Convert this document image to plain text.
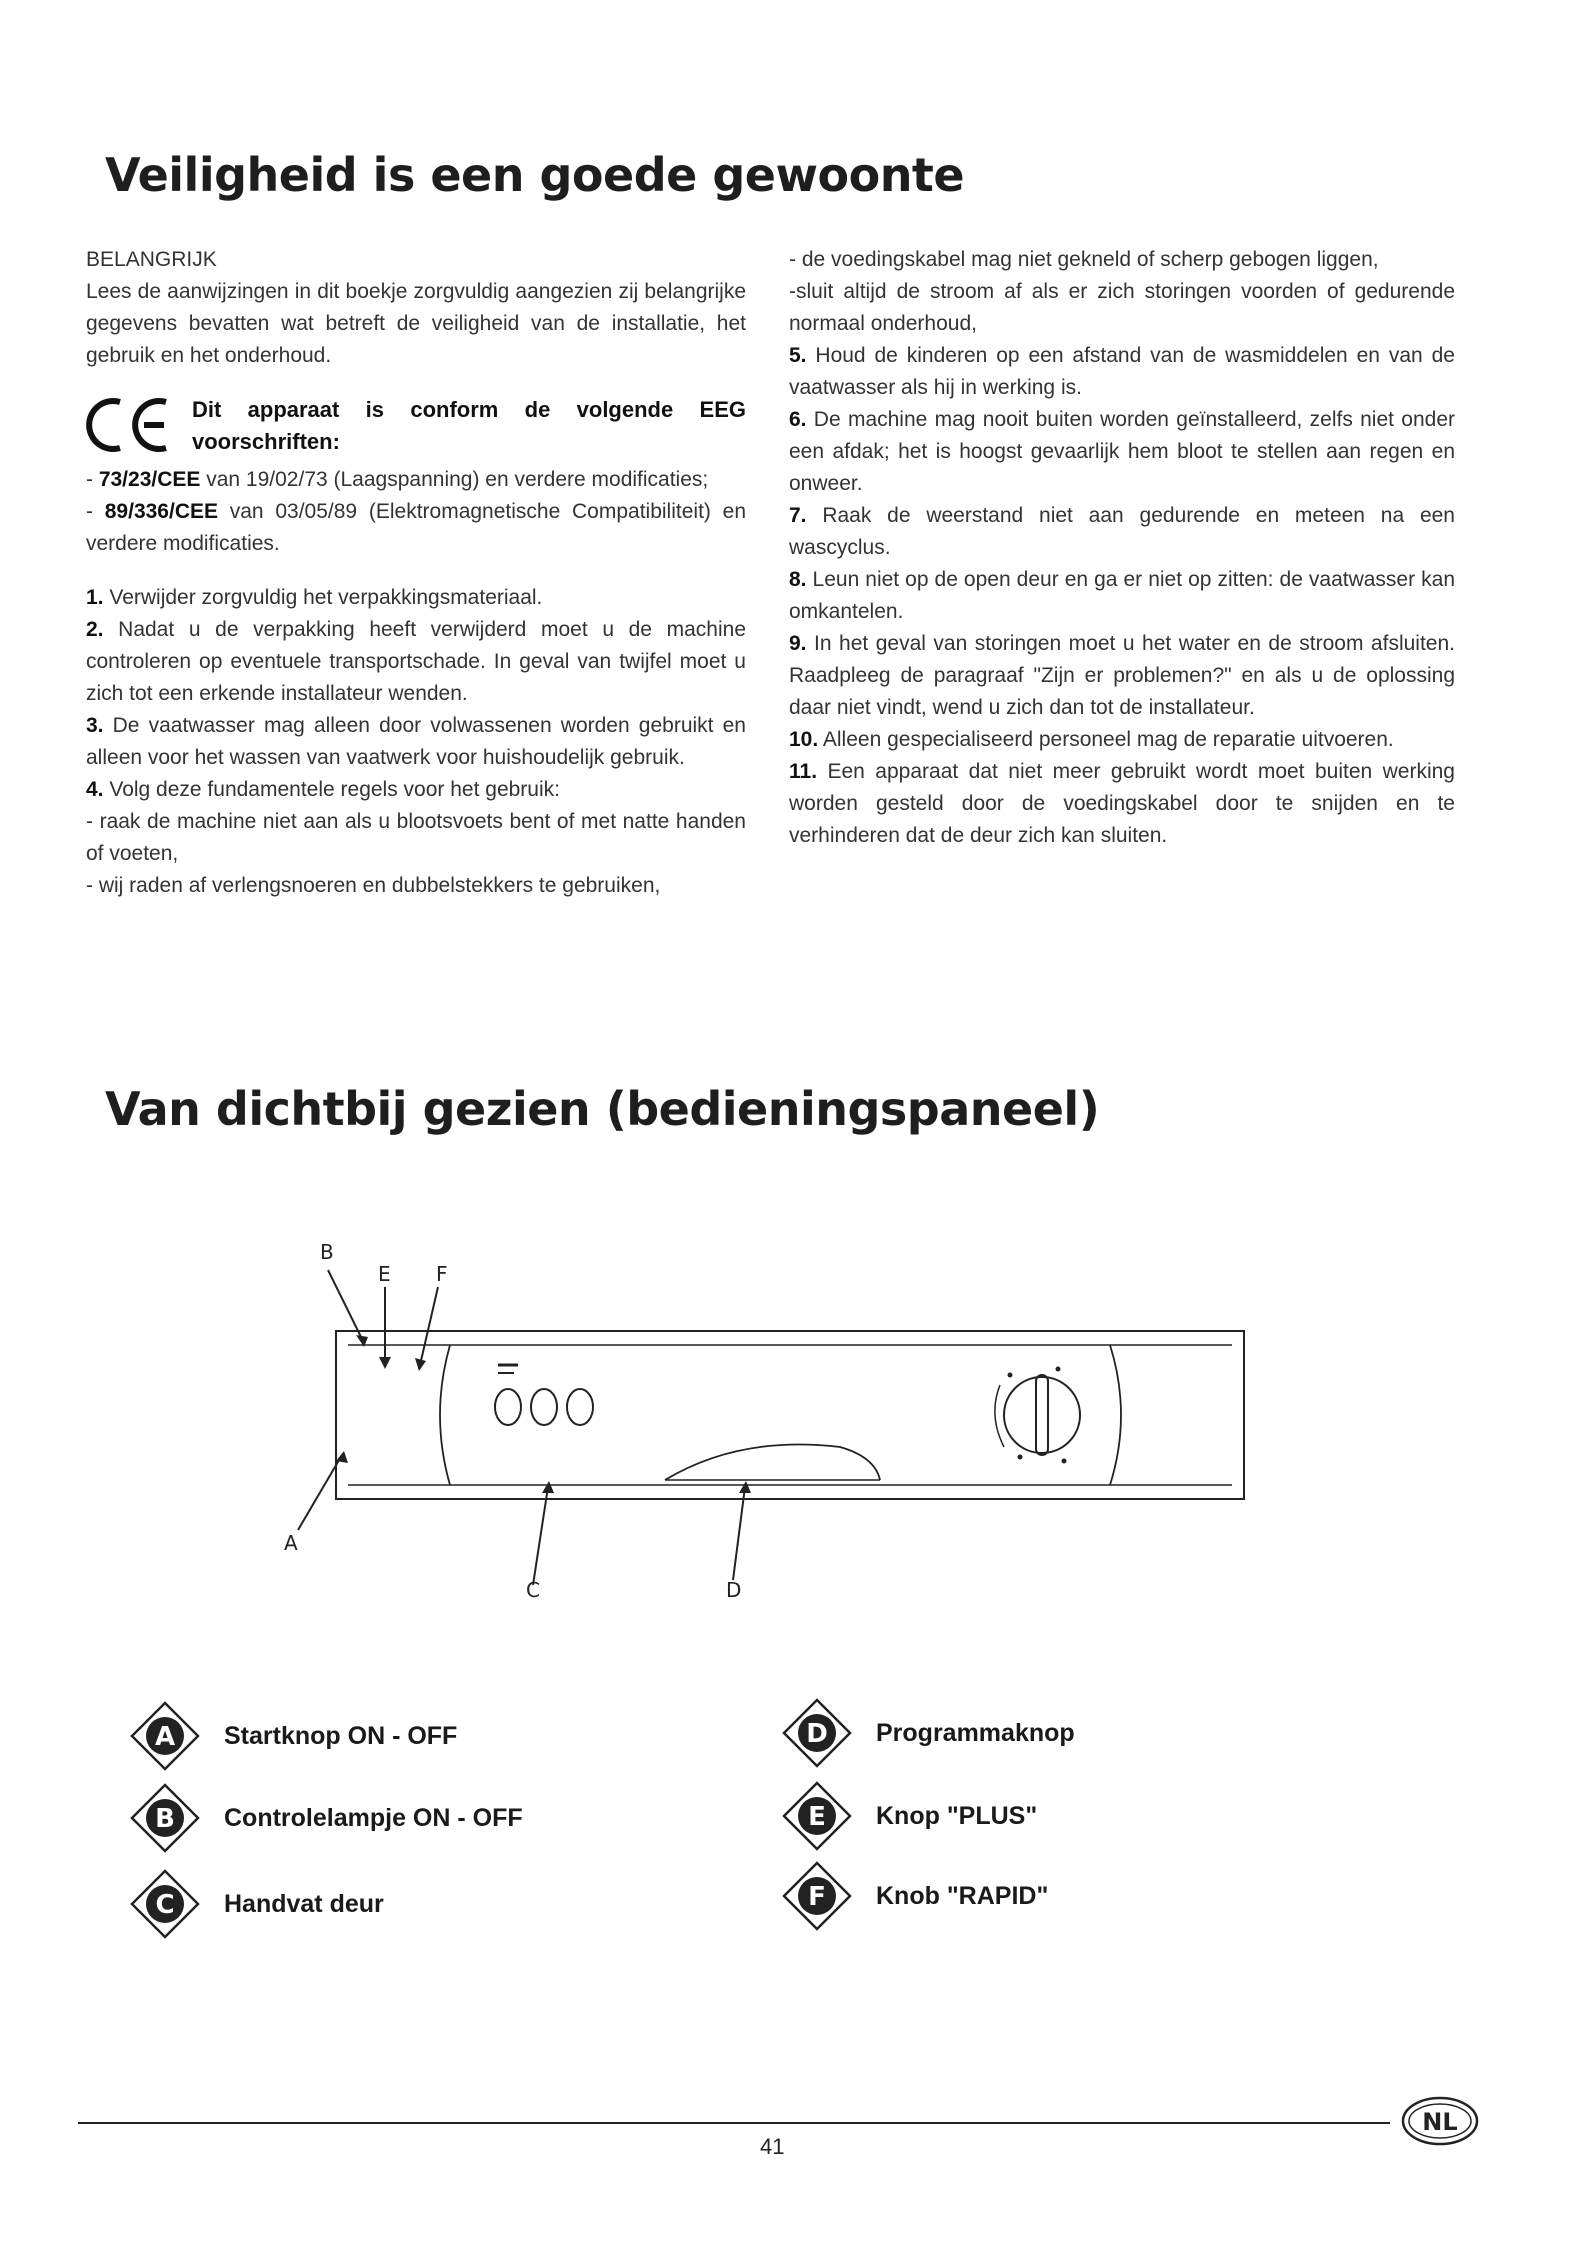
Veiligheid is een goede gewoonte

BELANGRIJK

Lees de aanwijzingen in dit boekje zorgvuldig aangezien zij belangrijke gegevens bevatten wat betreft de veiligheid van de installatie, het gebruik en het onderhoud.

Dit apparaat is conform de volgende EEG voorschriften:

- 73/23/CEE van 19/02/73 (Laagspanning) en verdere modificaties;

- 89/336/CEE van 03/05/89 (Elektromagnetische Compatibiliteit) en verdere modificaties.

1. Verwijder zorgvuldig het verpakkingsmateriaal.

2. Nadat u de verpakking heeft verwijderd moet u de machine controleren op eventuele transportschade. In geval van twijfel moet u zich tot een erkende installateur wenden.

3. De vaatwasser mag alleen door volwassenen worden gebruikt en alleen voor het wassen van vaatwerk voor huishoudelijk gebruik.

4. Volg deze fundamentele regels voor het gebruik:

- raak de machine niet aan als u blootsvoets bent of met natte handen of voeten,

- wij raden af verlengsnoeren en dubbelstekkers te gebruiken,

- de voedingskabel mag niet gekneld of scherp gebogen liggen,

-sluit altijd de stroom af als er zich storingen voorden of gedurende normaal onderhoud,

5. Houd de kinderen op een afstand van de wasmiddelen en van de vaatwasser als hij in werking is.

6. De machine mag nooit buiten worden geïnstalleerd, zelfs niet onder een afdak; het is hoogst gevaarlijk hem bloot te stellen aan regen en onweer.

7. Raak de weerstand niet aan gedurende en meteen na een wascyclus.

8. Leun niet op de open deur en ga er niet op zitten: de vaatwasser kan omkantelen.

9. In het geval van storingen moet u het water en de stroom afsluiten. Raadpleeg de paragraaf "Zijn er problemen?" en als u de oplossing daar niet vindt, wend u zich dan tot de installateur.

10. Alleen gespecialiseerd personeel mag de reparatie uitvoeren.

11. Een apparaat dat niet meer gebruikt wordt moet buiten werking worden gesteld door de voedingskabel door te snijden en te verhinderen dat de deur zich kan sluiten.

Van dichtbij gezien (bedieningspaneel)
B
E F
A
C	D
A Startknop ON - OFF
B Controlelampje ON - OFF
C Handvat deur
D Programmaknop
E Knop "PLUS"
F Knob "RAPID"
41
NL
